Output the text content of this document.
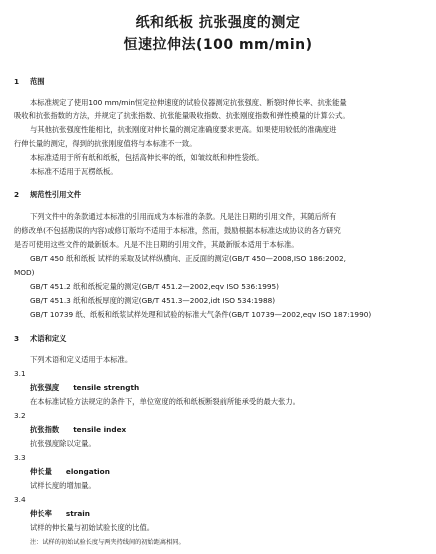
纸和纸板 抗张强度的测定
恒速拉伸法(100 mm/min)
1 范围
本标准规定了使用100 mm/min恒定拉伸速度的试验仪器测定抗张强度、断裂时伸长率、抗张能量
吸收和抗张指数的方法，并规定了抗张指数、抗张能量吸收指数、抗张刚度指数和弹性模量的计算公式。
与其他抗张强度性能相比，抗张刚度对伸长量的测定准确度要求更高。如果使用较低的准确度进
行伸长量的测定，得到的抗张刚度值将与本标准不一致。
本标准适用于所有纸和纸板，包括高伸长率的纸，如皱纹纸和伸性袋纸。
本标准不适用于瓦楞纸板。
2 规范性引用文件
下列文件中的条款通过本标准的引用而成为本标准的条款。凡是注日期的引用文件，其随后所有
的修改单(不包括勘误的内容)或修订版均不适用于本标准，然而，鼓励根据本标准达成协议的各方研究
是否可使用这些文件的最新版本。凡是不注日期的引用文件，其最新版本适用于本标准。
GB/T 450 纸和纸板 试样的采取及试样纵横向、正反面的测定(GB/T 450—2008,ISO 186:2002,
MOD)
GB/T 451.2 纸和纸板定量的测定(GB/T 451.2—2002,eqv ISO 536:1995)
GB/T 451.3 纸和纸板厚度的测定(GB/T 451.3—2002,idt ISO 534:1988)
GB/T 10739 纸、纸板和纸浆试样处理和试验的标准大气条件(GB/T 10739—2002,eqv ISO 187:1990)
3 术语和定义
下列术语和定义适用于本标准。
3.1
抗张强度 tensile strength
在本标准试验方法规定的条件下，单位宽度的纸和纸板断裂前所能承受的最大张力。
3.2
抗张指数 tensile index
抗张强度除以定量。
3.3
伸长量 elongation
试样长度的增加量。
3.4
伸长率 strain
试样的伸长量与初始试验长度的比值。
注：试样的初始试验长度与两夹持线间的初始距离相同。
